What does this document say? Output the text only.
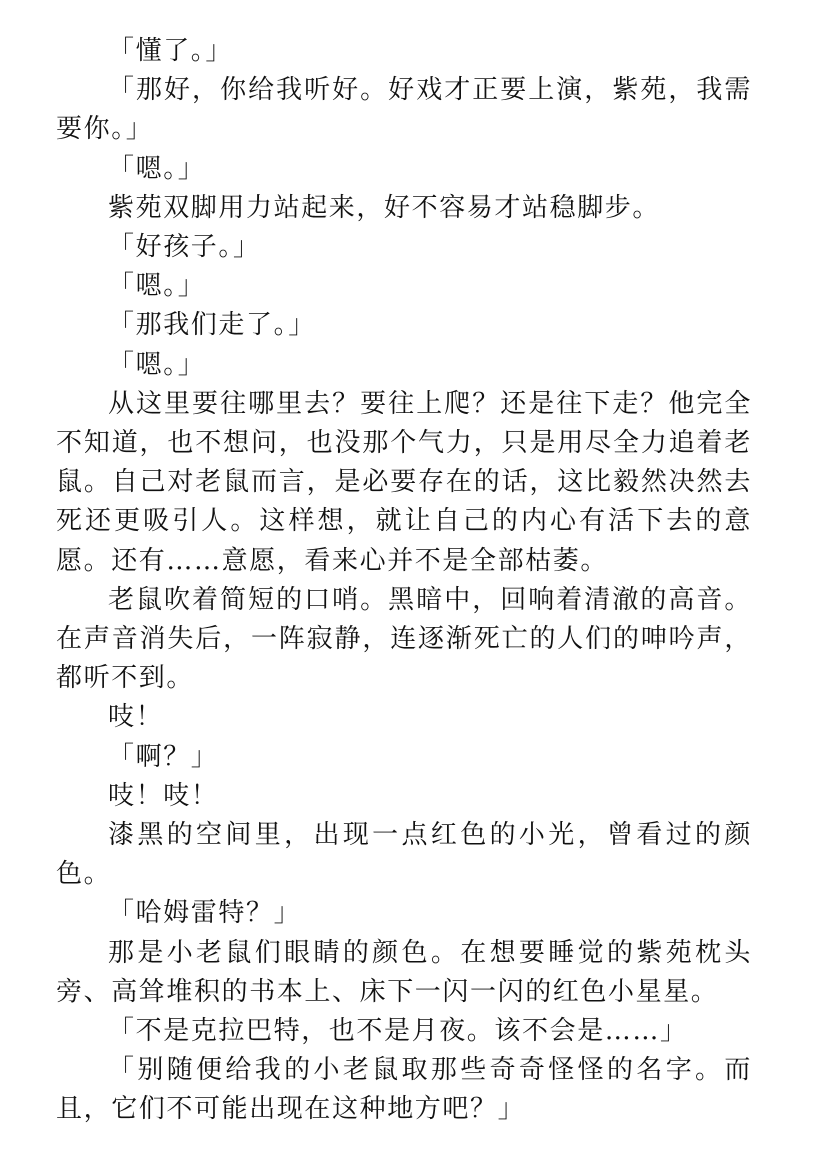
「懂了。」

「那好，你给我听好。好戏才正要上演，紫苑，我需要你。」

「嗯。」

紫苑双脚用力站起来，好不容易才站稳脚步。

「好孩子。」

「嗯。」

「那我们走了。」

「嗯。」

从这里要往哪里去？要往上爬？还是往下走？他完全不知道，也不想问，也没那个气力，只是用尽全力追着老鼠。自己对老鼠而言，是必要存在的话，这比毅然决然去死还更吸引人。这样想，就让自己的内心有活下去的意愿。还有……意愿，看来心并不是全部枯萎。

老鼠吹着简短的口哨。黑暗中，回响着清澈的高音。在声音消失后，一阵寂静，连逐渐死亡的人们的呻吟声，都听不到。

吱！

「啊？」

吱！吱！

漆黑的空间里，出现一点红色的小光，曾看过的颜色。

「哈姆雷特？」

那是小老鼠们眼睛的颜色。在想要睡觉的紫苑枕头旁、高耸堆积的书本上、床下一闪一闪的红色小星星。

「不是克拉巴特，也不是月夜。该不会是……」

「别随便给我的小老鼠取那些奇奇怪怪的名字。而且，它们不可能出现在这种地方吧？」
